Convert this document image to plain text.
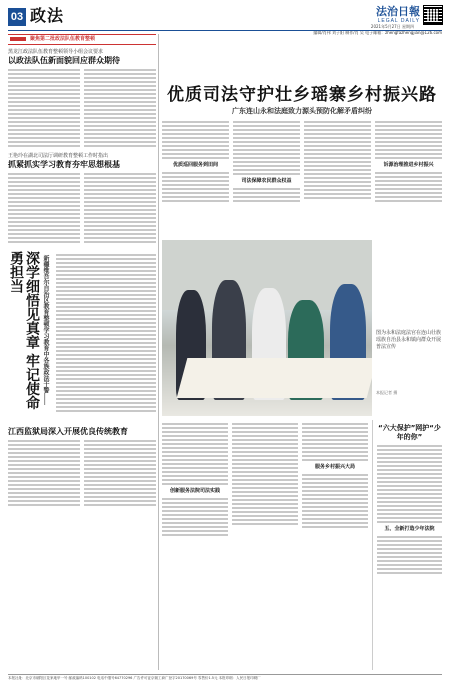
03 政法	法治日報
LEGAL DAILY
2021年5月27日 星期四
编辑/肖伟 刘子阳 制作/肖 吴 电子邮箱：zhengfazhengjian@126.com
聚焦第二批政法队伍教育整顿
黑龙江政法队伍教育整顿领导小组会议要求
以政法队伍新面貌回应群众期待
王艳玲在湖北司法厅调研教育整顿工作时指出
抓紧抓实学习教育夯牢思想根基
深学细悟见真章 牢记使命勇担当	新疆维吾尔自治区教育整顿学习教育中各族政法干警……
江西监狱局深入开展优良传统教育
优质司法守护壮乡瑶寨乡村振兴路
广东连山永和法庭致力源头预防化解矛盾纠纷
优质巡回服务到田间
司法保障农民群众权益
诉源治理推进乡村振兴
图为永和法庭法官在连山壮族瑶族自治县永和镇向群众开展普法宣传
本报记者 摄
创新服务法院司法实践
服务乡村振兴大局
“六大保护”网护“少年的你”
五、全新打造少年法院
本报社址：北京市朝阳区花家地甲一号 邮政编码100102 电话中继号64770296 广告许可证京朝工商广登字20170069号 零售价1.5元 本报印刷：人民日报印刷厂
